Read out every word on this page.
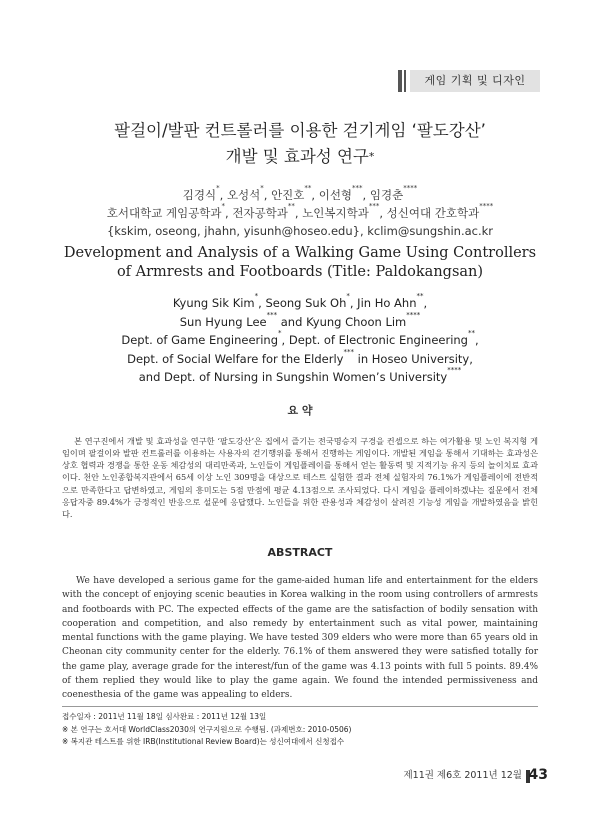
게임 기획 및 디자인
팔걸이/발판 컨트롤러를 이용한 걷기게임 ‘팔도강산’
개발 및 효과성 연구*
김경식*, 오성석*, 안진호**, 이선형***, 임경춘****
호서대학교 게임공학과*, 전자공학과**, 노인복지학과***, 성신여대 간호학과****
{kskim, oseong, jhahn, yisunh@hoseo.edu}, kclim@sungshin.ac.kr
Development and Analysis of a Walking Game Using Controllers
of Armrests and Footboards (Title: Paldokangsan)
Kyung Sik Kim*, Seong Suk Oh*, Jin Ho Ahn**,
Sun Hyung Lee*** and Kyung Choon Lim****
Dept. of Game Engineering*, Dept. of Electronic Engineering**,
Dept. of Social Welfare for the Elderly*** in Hoseo University,
and Dept. of Nursing in Sungshin Women’s University****
요 약
본 연구진에서 개발 및 효과성을 연구한 ‘팔도강산’은 집에서 즐기는 전국명승지 구경을 컨셉으로 하는 여가활용 및 노인 복지형 게임이며 팔걸이와 발판 컨트롤러를 이용하는 사용자의 걷기행위를 통해서 진행하는 게임이다. 개발된 게임을 통해서 기대하는 효과성은 상호 협력과 경쟁을 통한 운동 체감성의 대리만족과, 노인들이 게임플레이를 통해서 얻는 활동력 및 지적기능 유지 등의 놀이치료 효과이다. 천안 노인종합복지관에서 65세 이상 노인 309명을 대상으로 테스트 실험한 결과 전체 실험자의 76.1%가 게임플레이에 전반적으로 만족한다고 답변하였고, 게임의 흥미도는 5점 만점에 평균 4.13점으로 조사되었다. 다시 게임을 플레이하겠냐는 질문에서 전체 응답자중 89.4%가 긍정적인 반응으로 설문에 응답했다. 노인들을 위한 관용성과 체감성이 살려진 기능성 게임을 개발하였음을 밝힌다.
ABSTRACT
We have developed a serious game for the game-aided human life and entertainment for the elders with the concept of enjoying scenic beauties in Korea walking in the room using controllers of armrests and footboards with PC. The expected effects of the game are the satisfaction of bodily sensation with cooperation and competition, and also remedy by entertainment such as vital power, maintaining mental functions with the game playing. We have tested 309 elders who were more than 65 years old in Cheonan city community center for the elderly. 76.1% of them answered they were satisfied totally for the game play, average grade for the interest/fun of the game was 4.13 points with full 5 points. 89.4% of them replied they would like to play the game again. We found the intended permissiveness and coenesthesia of the game was appealing to elders.
접수일자 : 2011년 11월 18일 심사완료 : 2011년 12월 13일
※ 본 연구는 호서대 WorldClass2030의 연구지원으로 수행됨. (과제번호: 2010-0506)
※ 복지관 테스트를 위한 IRB(Institutional Review Board)는 성신여대에서 신청접수
제11권 제6호 2011년 12월 43
